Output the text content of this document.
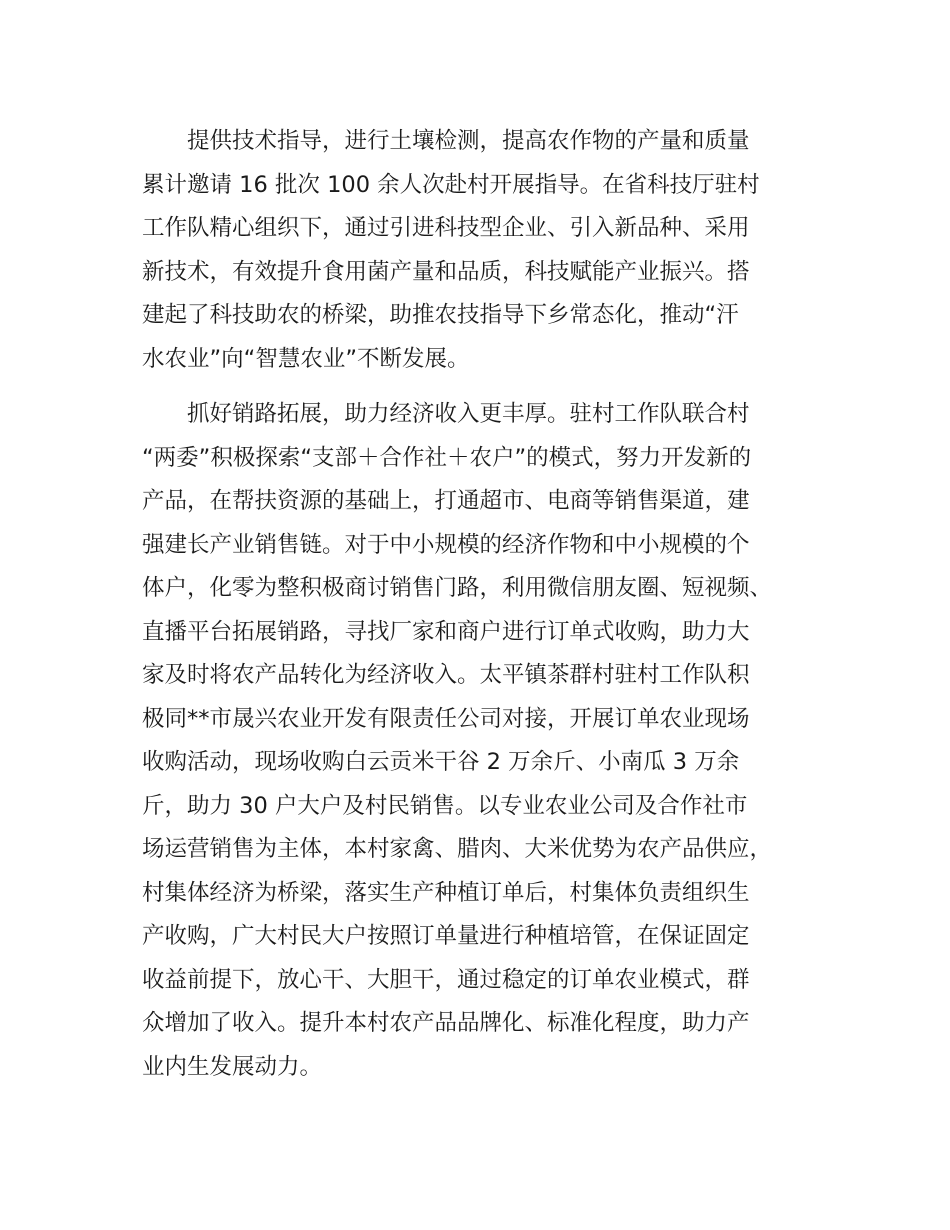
　　提供技术指导，进行土壤检测，提高农作物的产量和质量
累计邀请 16 批次 100 余人次赴村开展指导。在省科技厅驻村
工作队精心组织下，通过引进科技型企业、引入新品种、采用
新技术，有效提升食用菌产量和品质，科技赋能产业振兴。搭
建起了科技助农的桥梁，助推农技指导下乡常态化，推动“汗
水农业”向“智慧农业”不断发展。
　　抓好销路拓展，助力经济收入更丰厚。驻村工作队联合村
“两委”积极探索“支部＋合作社＋农户”的模式，努力开发新的
产品，在帮扶资源的基础上，打通超市、电商等销售渠道，建
强建长产业销售链。对于中小规模的经济作物和中小规模的个
体户，化零为整积极商讨销售门路，利用微信朋友圈、短视频、
直播平台拓展销路，寻找厂家和商户进行订单式收购，助力大
家及时将农产品转化为经济收入。太平镇茶群村驻村工作队积
极同**市晟兴农业开发有限责任公司对接，开展订单农业现场
收购活动，现场收购白云贡米干谷 2 万余斤、小南瓜 3 万余
斤，助力 30 户大户及村民销售。以专业农业公司及合作社市
场运营销售为主体，本村家禽、腊肉、大米优势为农产品供应，
村集体经济为桥梁，落实生产种植订单后，村集体负责组织生
产收购，广大村民大户按照订单量进行种植培管，在保证固定
收益前提下，放心干、大胆干，通过稳定的订单农业模式，群
众增加了收入。提升本村农产品品牌化、标准化程度，助力产
业内生发展动力。
